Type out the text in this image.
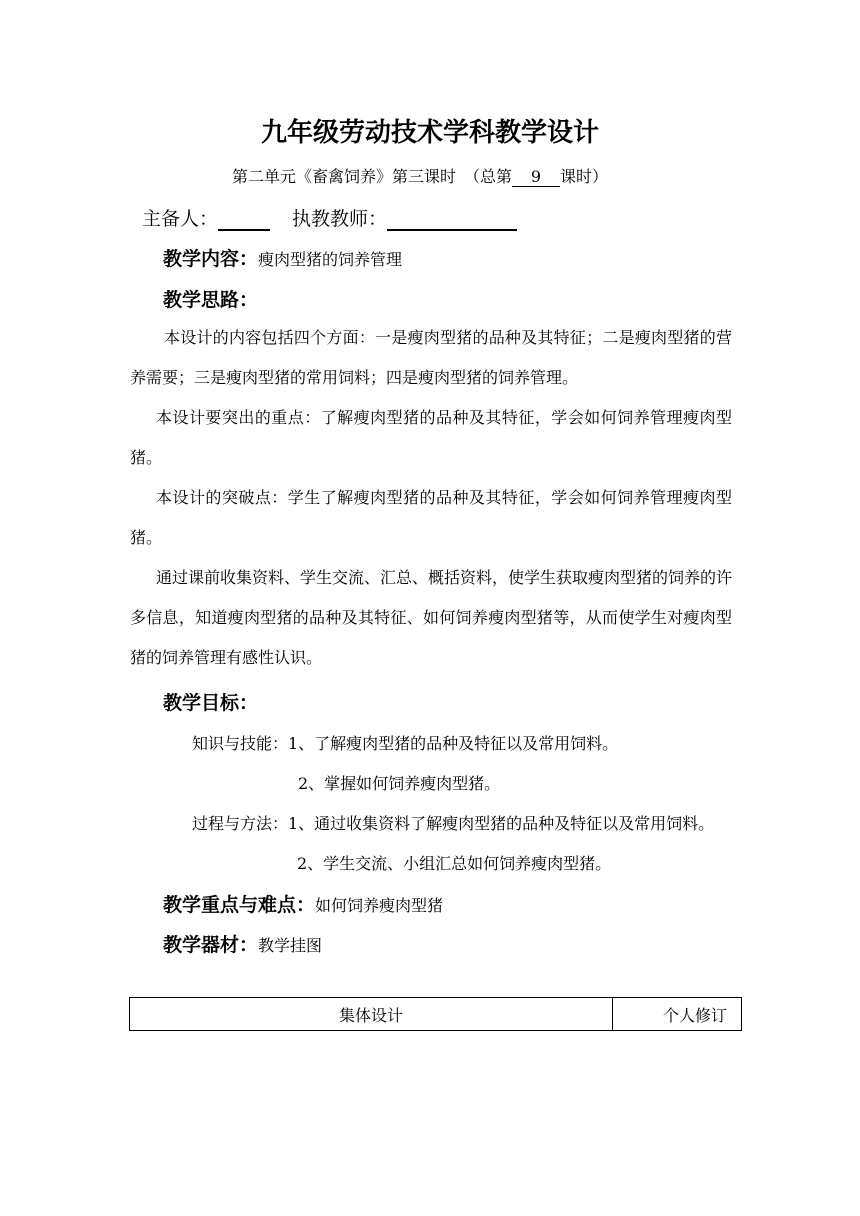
九年级劳动技术学科教学设计
第二单元《畜禽饲养》第三课时　（总第 9 课时）
主备人：	执教教师：
教学内容：瘦肉型猪的饲养管理
教学思路：
本设计的内容包括四个方面：一是瘦肉型猪的品种及其特征；二是瘦肉型猪的营养需要；三是瘦肉型猪的常用饲料；四是瘦肉型猪的饲养管理。
本设计要突出的重点：了解瘦肉型猪的品种及其特征，学会如何饲养管理瘦肉型猪。
本设计的突破点：学生了解瘦肉型猪的品种及其特征，学会如何饲养管理瘦肉型猪。
通过课前收集资料、学生交流、汇总、概括资料，使学生获取瘦肉型猪的饲养的许多信息，知道瘦肉型猪的品种及其特征、如何饲养瘦肉型猪等，从而使学生对瘦肉型猪的饲养管理有感性认识。
教学目标：
知识与技能：1、了解瘦肉型猪的品种及特征以及常用饲料。
2、掌握如何饲养瘦肉型猪。
过程与方法：1、通过收集资料了解瘦肉型猪的品种及特征以及常用饲料。
2、学生交流、小组汇总如何饲养瘦肉型猪。
教学重点与难点：如何饲养瘦肉型猪
教学器材：教学挂图
集体设计	个人修订
